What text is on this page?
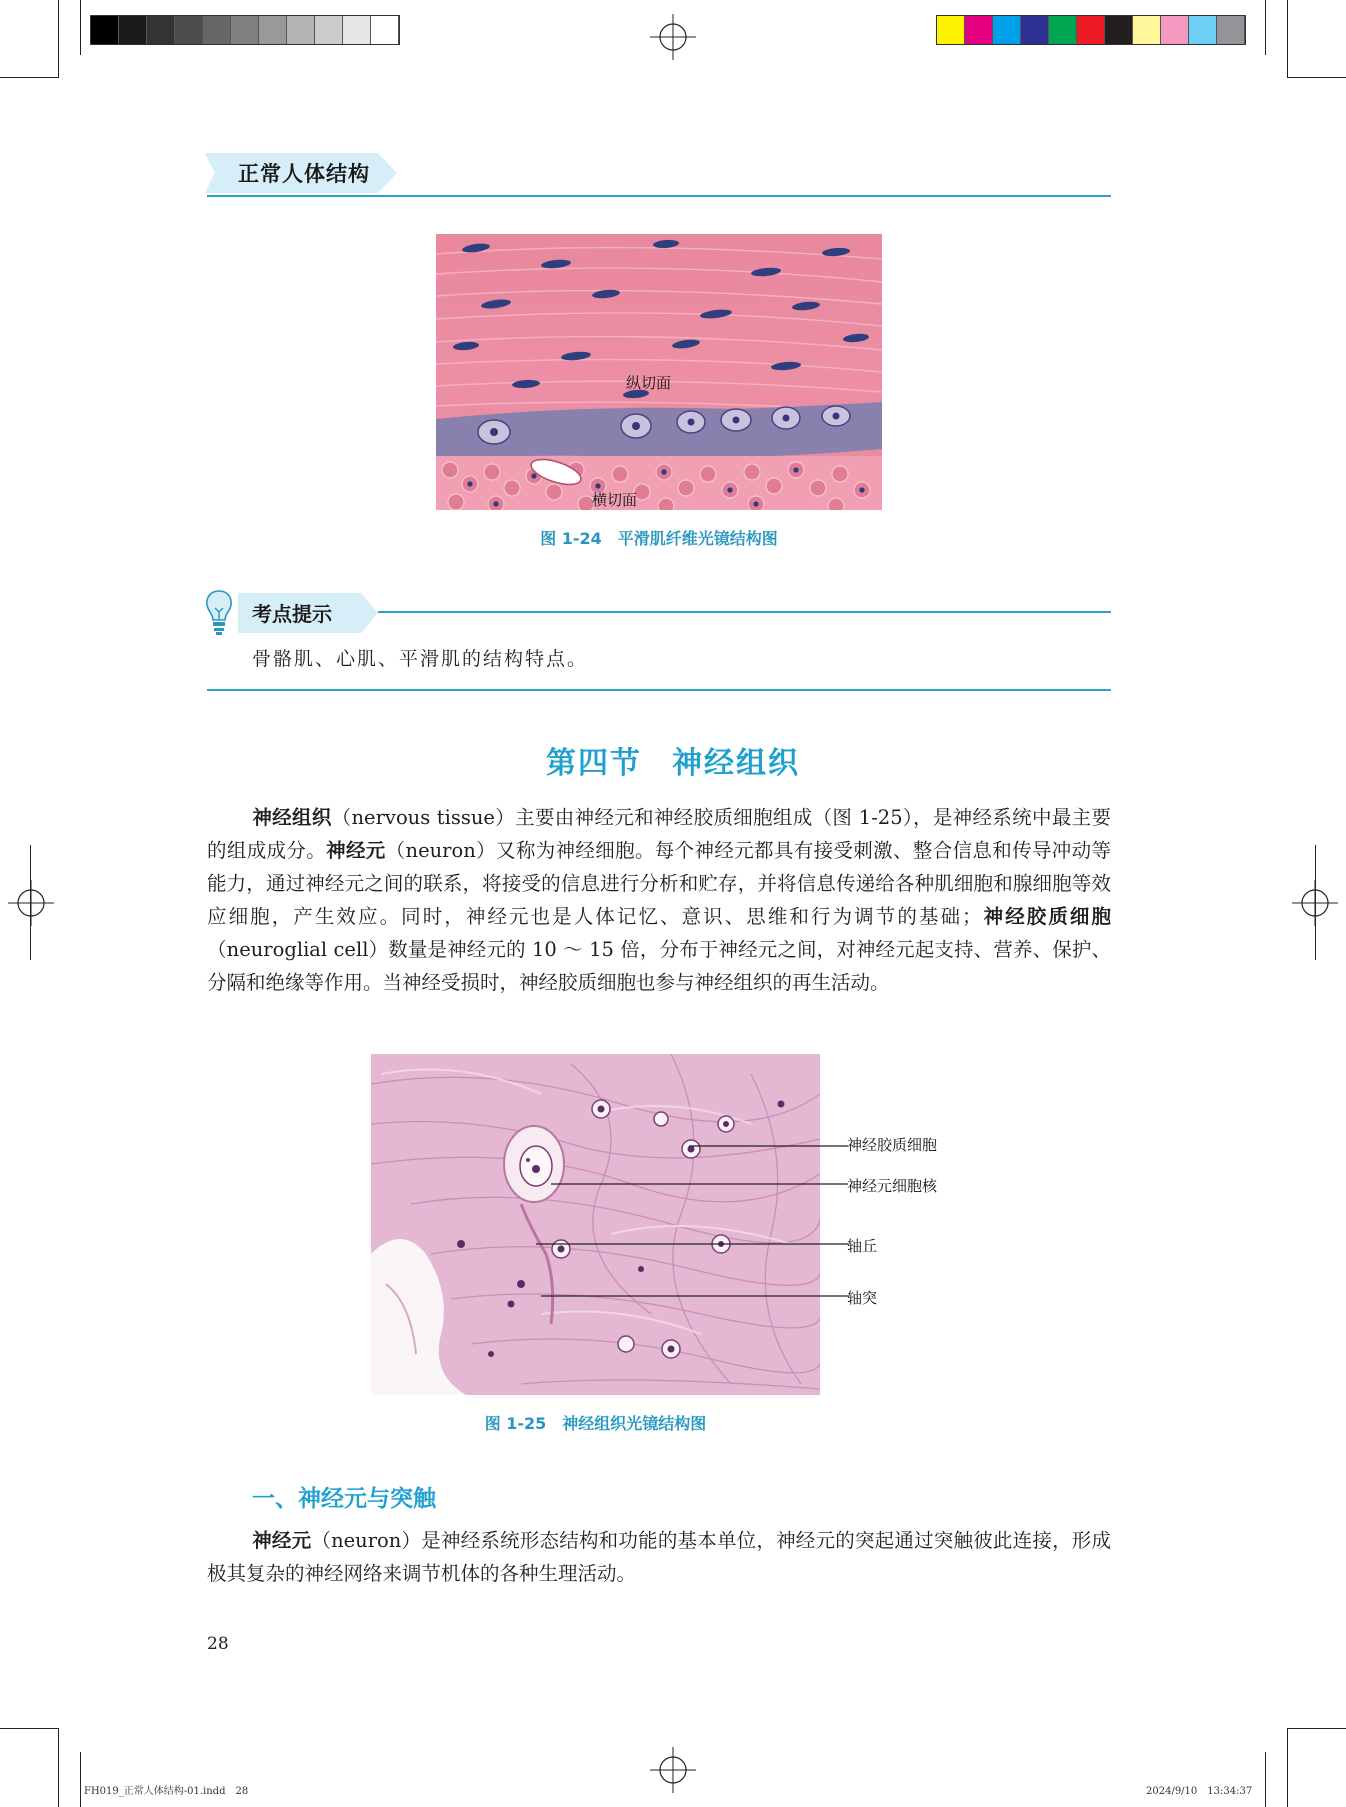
正常人体结构
纵切面
横切面
图 1-24　平滑肌纤维光镜结构图
考点提示
骨骼肌、心肌、平滑肌的结构特点。
第四节 神经组织
神经组织（nervous tissue）主要由神经元和神经胶质细胞组成（图 1-25），是神经系统中最主要的组成成分。神经元（neuron）又称为神经细胞。每个神经元都具有接受刺激、整合信息和传导冲动等能力，通过神经元之间的联系，将接受的信息进行分析和贮存，并将信息传递给各种肌细胞和腺细胞等效应细胞，产生效应。同时，神经元也是人体记忆、意识、思维和行为调节的基础；神经胶质细胞（neuroglial cell）数量是神经元的 10 ～ 15 倍，分布于神经元之间，对神经元起支持、营养、保护、分隔和绝缘等作用。当神经受损时，神经胶质细胞也参与神经组织的再生活动。
神经胶质细胞
神经元细胞核
轴丘
轴突
图 1-25　神经组织光镜结构图
一、神经元与突触
神经元（neuron）是神经系统形态结构和功能的基本单位，神经元的突起通过突触彼此连接，形成极其复杂的神经网络来调节机体的各种生理活动。
28
FH019_正常人体结构-01.indd　28	2024/9/10　13:34:37
